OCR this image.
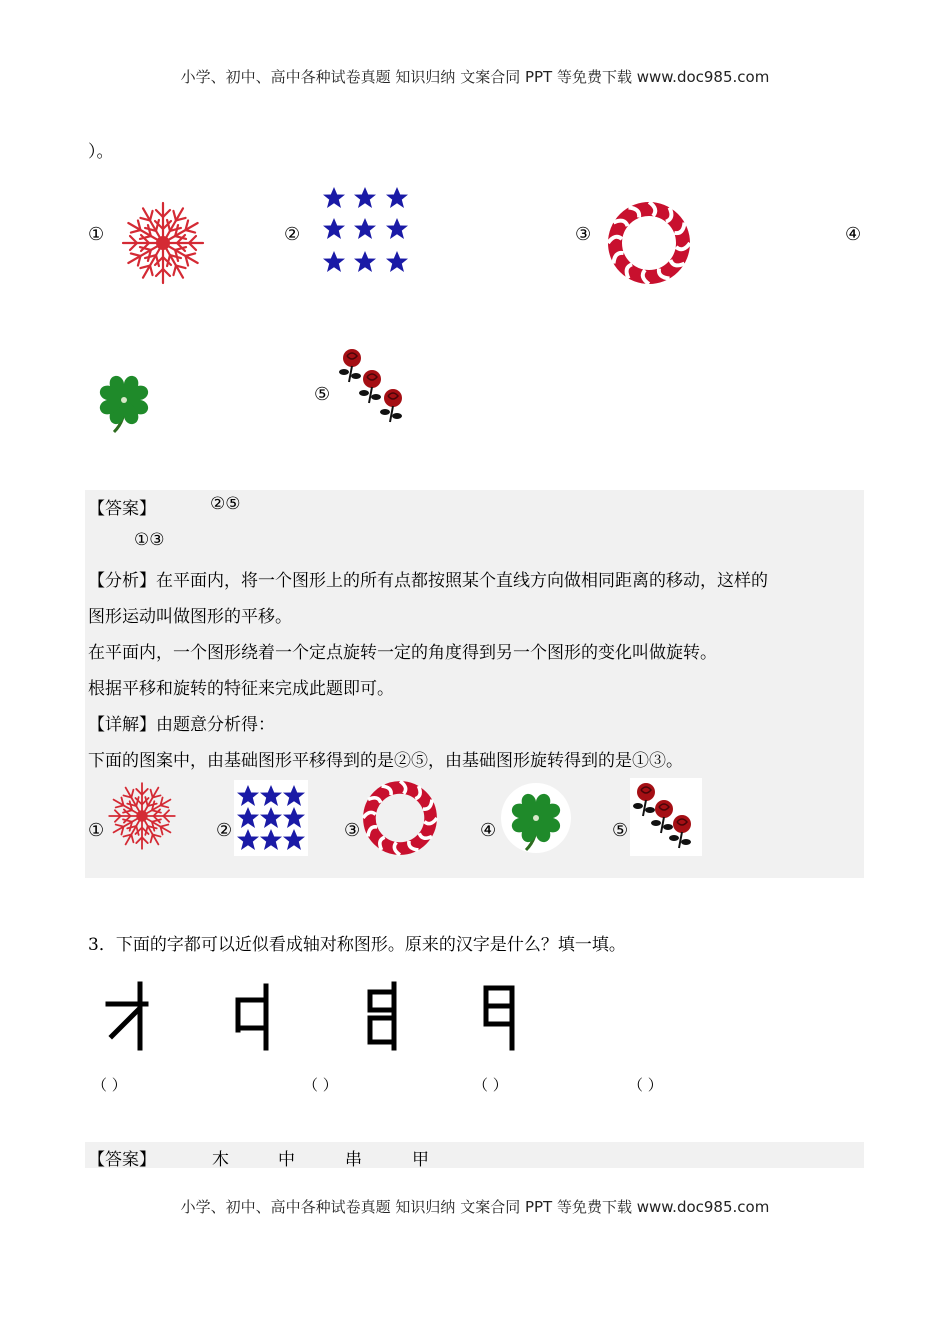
小学、初中、高中各种试卷真题 知识归纳 文案合同 PPT 等免费下载 www.doc985.com
）。
①	②	③	④
⑤
【答案】	②⑤
①③
【分析】在平面内，将一个图形上的所有点都按照某个直线方向做相同距离的移动，这样的
图形运动叫做图形的平移。
在平面内，一个图形绕着一个定点旋转一定的角度得到另一个图形的变化叫做旋转。
根据平移和旋转的特征来完成此题即可。
【详解】由题意分析得：
下面的图案中，由基础图形平移得到的是②⑤，由基础图形旋转得到的是①③。
①	②	③	④	⑤
3．下面的字都可以近似看成轴对称图形。原来的汉字是什么？填一填。
（ ）	（ ）	（ ）	（ ）
【答案】	木	中	串	甲
小学、初中、高中各种试卷真题 知识归纳 文案合同 PPT 等免费下载 www.doc985.com
